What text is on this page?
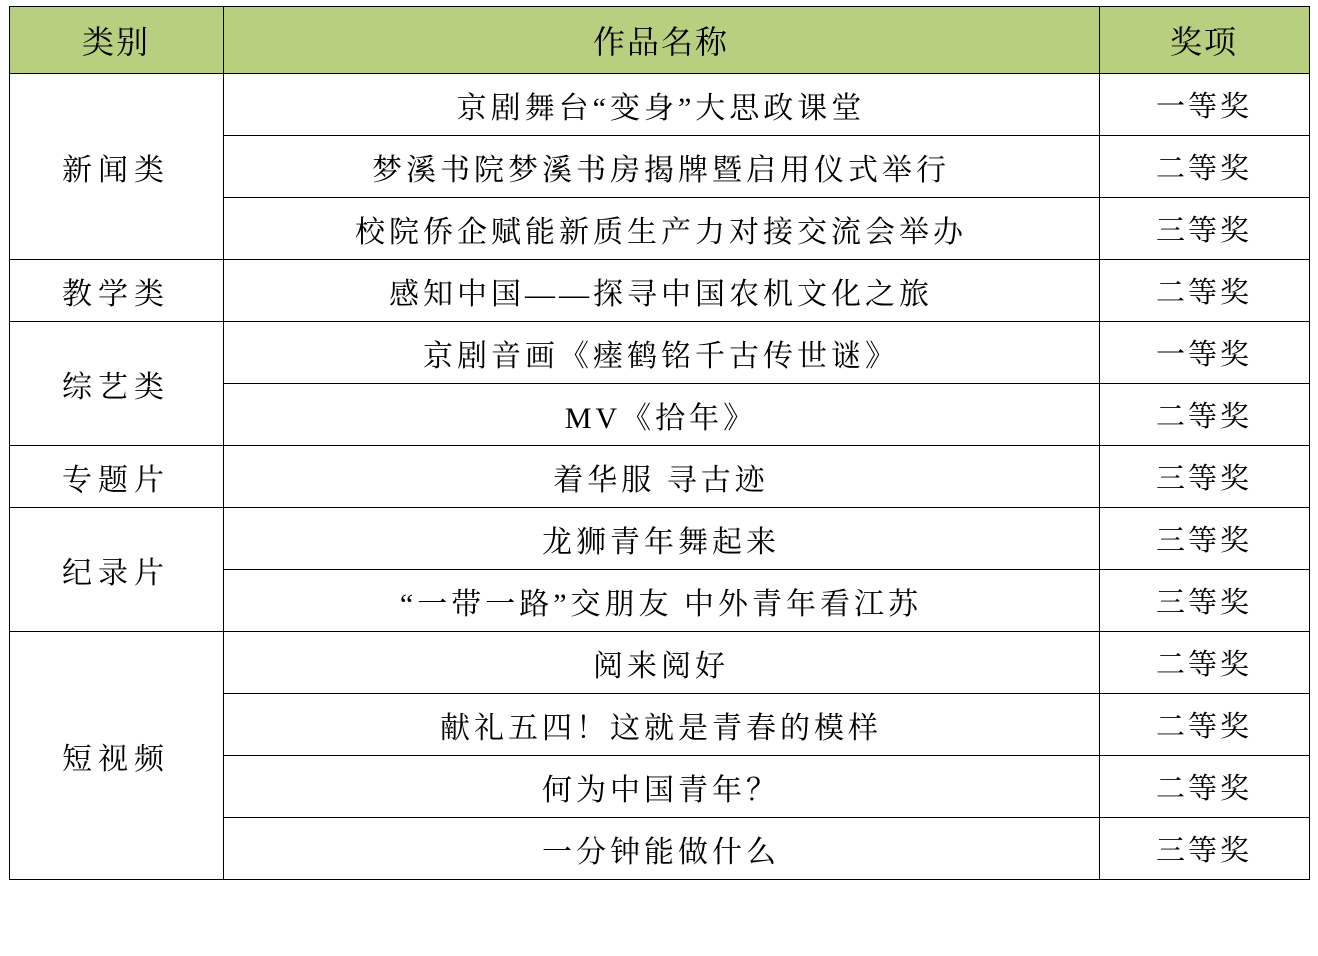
类别	作品名称	奖项
新闻类	京剧舞台“变身”大思政课堂	一等奖
	梦溪书院梦溪书房揭牌暨启用仪式举行	二等奖
	校院侨企赋能新质生产力对接交流会举办	三等奖
教学类	感知中国——探寻中国农机文化之旅	二等奖
综艺类	京剧音画《瘗鹤铭千古传世谜》	一等奖
	MV《拾年》	二等奖
专题片	着华服 寻古迹	三等奖
纪录片	龙狮青年舞起来	三等奖
	“一带一路”交朋友 中外青年看江苏	三等奖
短视频	阅来阅好	二等奖
	献礼五四！这就是青春的模样	二等奖
	何为中国青年？	二等奖
	一分钟能做什么	三等奖
